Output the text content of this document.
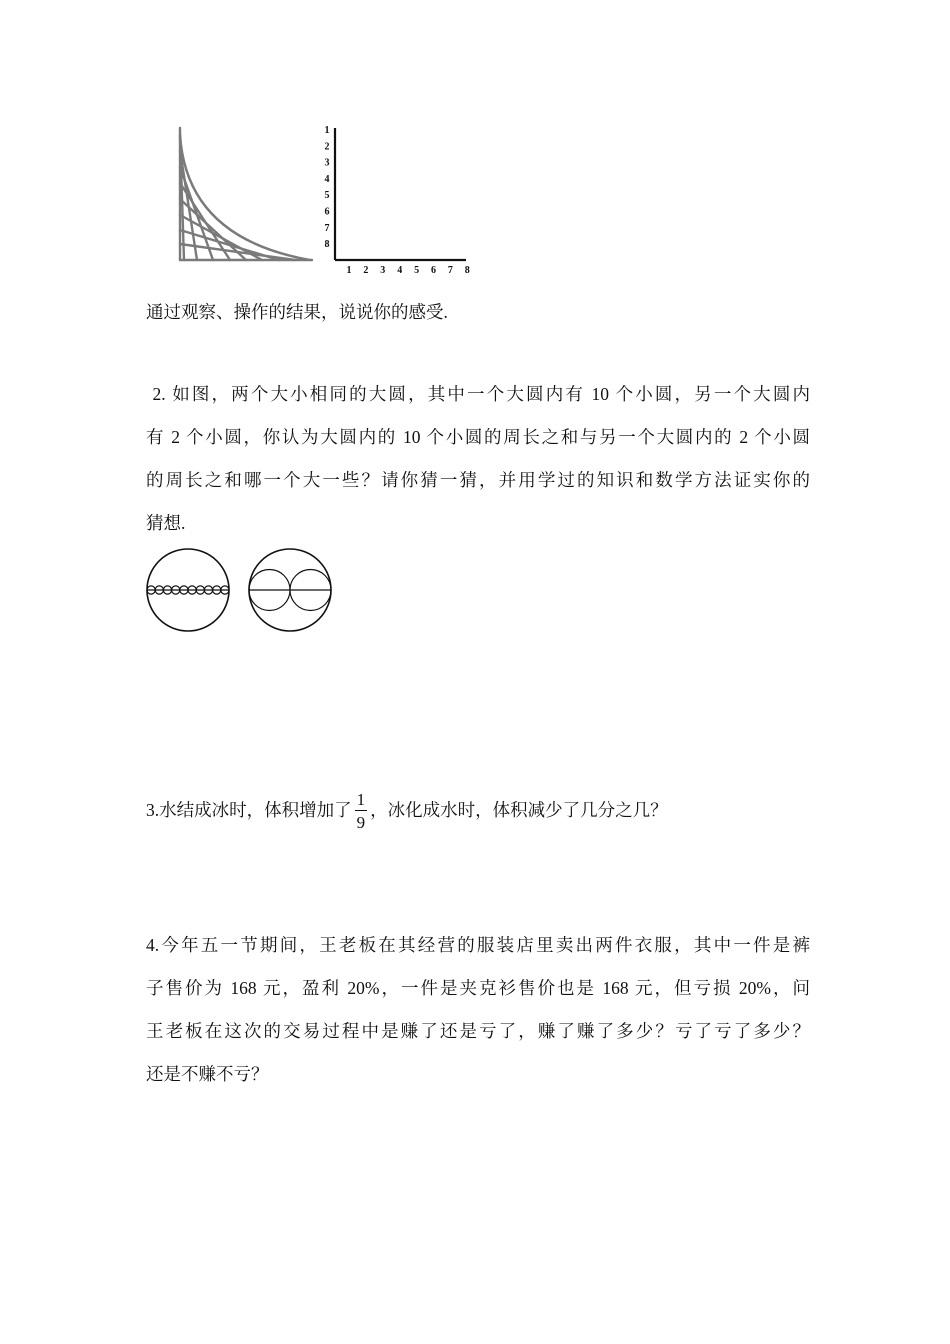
1
2
3
4
5
6
7
8
1 2 3 4 5 6 7 8
通过观察、操作的结果，说说你的感受.
2. 如图，两个大小相同的大圆，其中一个大圆内有 10 个小圆，另一个大圆内
有 2 个小圆，你认为大圆内的 10 个小圆的周长之和与另一个大圆内的 2 个小圆
的周长之和哪一个大一些？请你猜一猜，并用学过的知识和数学方法证实你的
猜想.
3.水结成冰时，体积增加了 $\frac{1}{9}$ ，冰化成水时，体积减少了几分之几？
4.今年五一节期间，王老板在其经营的服装店里卖出两件衣服，其中一件是裤
子售价为 168 元，盈利 20%，一件是夹克衫售价也是 168 元，但亏损 20%，问
王老板在这次的交易过程中是赚了还是亏了，赚了赚了多少？亏了亏了多少？
还是不赚不亏？
